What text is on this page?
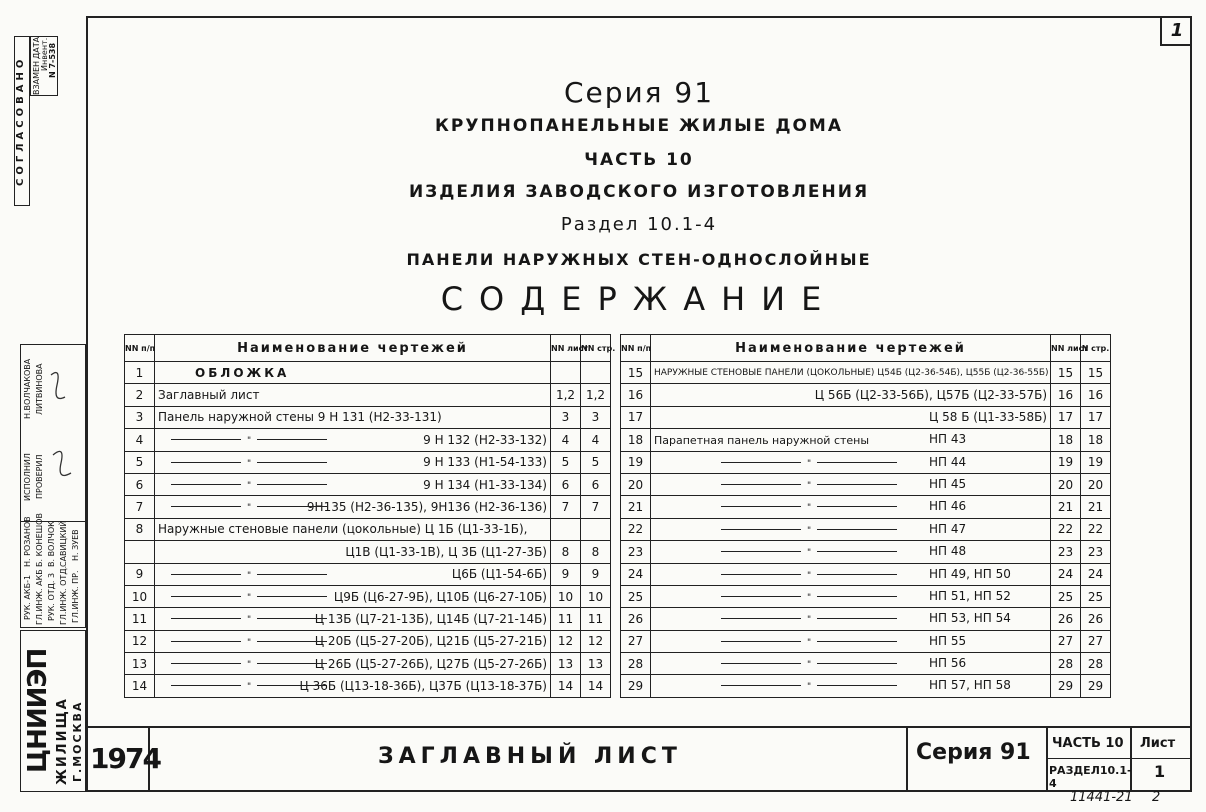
1
СОГЛАСОВАНО
ДАТА Инвент. N 7-538
ВЗАМЕН
РУК. АКБ-1 ГЛ.ИНЖ. АКБ РУК. ОТД. 3 ГЛ.ИНЖ. ОТД. ГЛ.ИНЖ. ПР.
Н. РОЗАНОВ Б. КОНЕШОВ В. ВОЛЧОК САВИЦКИЙ Н. ЗУЕВ
ИСПОЛНИЛ ПРОВЕРИЛ
Н.ВОЛЧАКОВА ЛИТВИНОВА
ЦНИИЭП ЖИЛИЩА Г.МОСКВА
Серия 91
КРУПНОПАНЕЛЬНЫЕ ЖИЛЫЕ ДОМА
ЧАСТЬ 10
ИЗДЕЛИЯ ЗАВОДСКОГО ИЗГОТОВЛЕНИЯ
Раздел 10.1-4
ПАНЕЛИ НАРУЖНЫХ СТЕН-ОДНОСЛОЙНЫЕ
СОДЕРЖАНИЕ
NN п/п	Наименование чертежей	NN лист	NN стр.
1	ОБЛОЖКА		
2	Заглавный лист	1,2	1,2
3	Панель наружной стены 9 Н 131 (Н2-33-131)	3	3
4	" 9 Н 132 (Н2-33-132)	4	4
5	" 9 Н 133 (Н1-54-133)	5	5
6	" 9 Н 134 (Н1-33-134)	6	6
7	" 9Н135 (Н2-36-135), 9Н136 (Н2-36-136)	7	7
8	Наружные стеновые панели (цокольные) Ц 1Б (Ц1-33-1Б),		
	Ц1В (Ц1-33-1В), Ц 3Б (Ц1-27-3Б)	8	8
9	" Ц6Б (Ц1-54-6Б)	9	9
10	" Ц9Б (Ц6-27-9Б), Ц10Б (Ц6-27-10Б)	10	10
11	" Ц 13Б (Ц7-21-13Б), Ц14Б (Ц7-21-14Б)	11	11
12	" Ц 20Б (Ц5-27-20Б), Ц21Б (Ц5-27-21Б)	12	12
13	" Ц 26Б (Ц5-27-26Б), Ц27Б (Ц5-27-26Б)	13	13
14	" Ц 36Б (Ц13-18-36Б), Ц37Б (Ц13-18-37Б)	14	14
NN п/п	Наименование чертежей	NN лист	N стр.
15	НАРУЖНЫЕ СТЕНОВЫЕ ПАНЕЛИ (ЦОКОЛЬНЫЕ) Ц54Б (Ц2-36-54Б), Ц55Б (Ц2-36-55Б)	15	15
16	Ц 56Б (Ц2-33-56Б), Ц57Б (Ц2-33-57Б)	16	16
17	Ц 58 Б (Ц1-33-58Б)	17	17
18	Парапетная панель наружной стены НП 43	18	18
19	" НП 44	19	19
20	" НП 45	20	20
21	" НП 46	21	21
22	" НП 47	22	22
23	" НП 48	23	23
24	" НП 49, НП 50	24	24
25	" НП 51, НП 52	25	25
26	" НП 53, НП 54	26	26
27	" НП 55	27	27
28	" НП 56	28	28
29	" НП 57, НП 58	29	29
1974	ЗАГЛАВНЫЙ ЛИСТ	Серия 91 ЧАСТЬ 10
РАЗДЕЛ10.1-4
Лист
1
11441-21 2
